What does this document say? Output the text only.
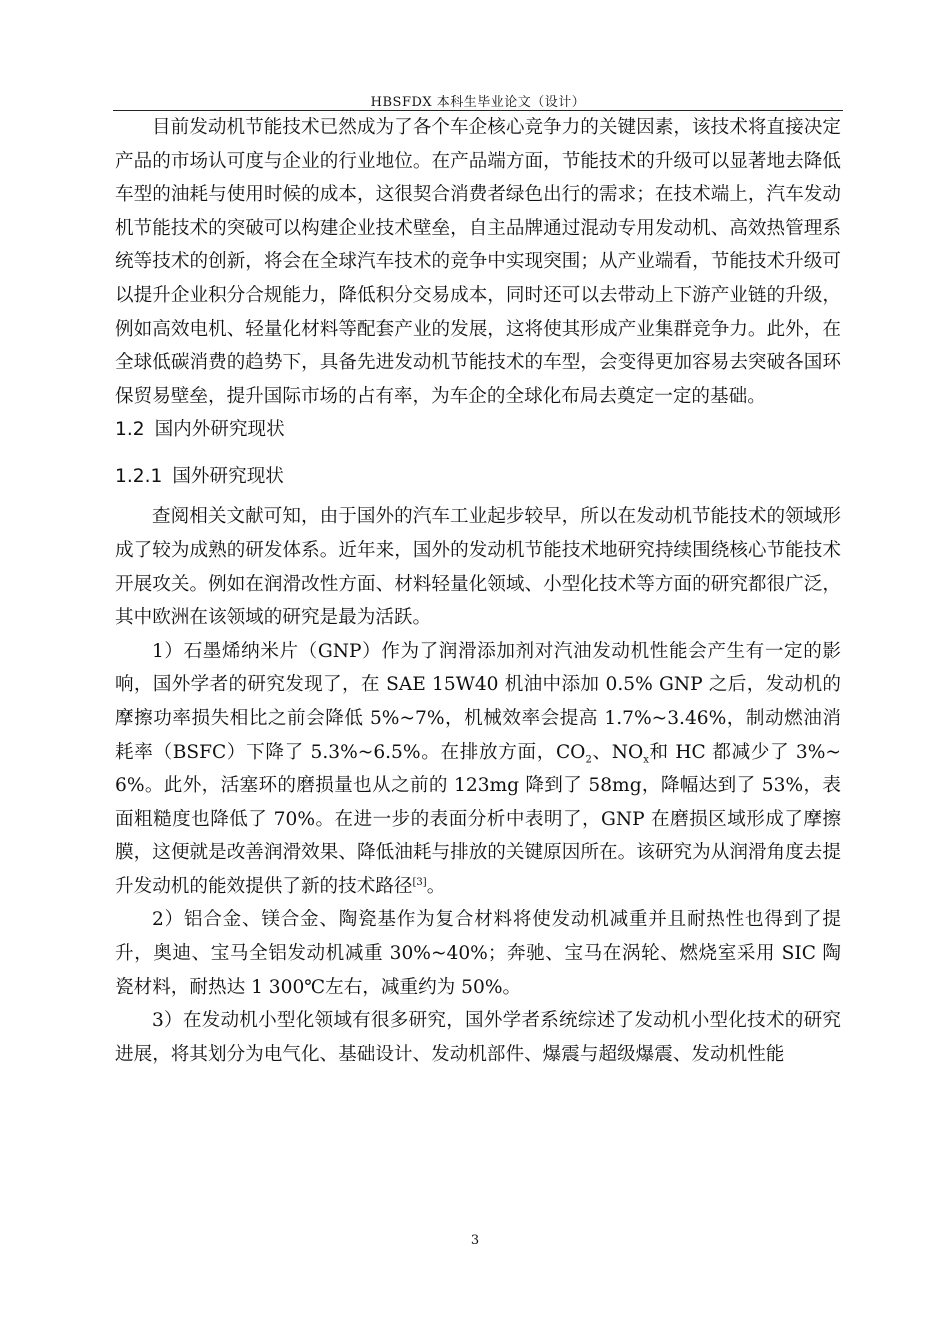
HBSFDX 本科生毕业论文（设计）

目前发动机节能技术已然成为了各个车企核心竞争力的关键因素，该技术将直接决定产品的市场认可度与企业的行业地位。在产品端方面，节能技术的升级可以显著地去降低车型的油耗与使用时候的成本，这很契合消费者绿色出行的需求；在技术端上，汽车发动机节能技术的突破可以构建企业技术壁垒，自主品牌通过混动专用发动机、高效热管理系统等技术的创新，将会在全球汽车技术的竞争中实现突围；从产业端看，节能技术升级可以提升企业积分合规能力，降低积分交易成本，同时还可以去带动上下游产业链的升级，例如高效电机、轻量化材料等配套产业的发展，这将使其形成产业集群竞争力。此外，在全球低碳消费的趋势下，具备先进发动机节能技术的车型，会变得更加容易去突破各国环保贸易壁垒，提升国际市场的占有率，为车企的全球化布局去奠定一定的基础。

1.2 国内外研究现状

1.2.1 国外研究现状

查阅相关文献可知，由于国外的汽车工业起步较早，所以在发动机节能技术的领域形成了较为成熟的研发体系。近年来，国外的发动机节能技术地研究持续围绕核心节能技术开展攻关。例如在润滑改性方面、材料轻量化领域、小型化技术等方面的研究都很广泛，其中欧洲在该领域的研究是最为活跃。

1）石墨烯纳米片（GNP）作为了润滑添加剂对汽油发动机性能会产生有一定的影响，国外学者的研究发现了，在 SAE 15W40 机油中添加 0.5% GNP 之后，发动机的摩擦功率损失相比之前会降低 5%~7%，机械效率会提高 1.7%~3.46%，制动燃油消耗率（BSFC）下降了 5.3%~6.5%。在排放方面，$CO_2$、$NO_x$和 HC 都减少了 3%~6%。此外，活塞环的磨损量也从之前的 123mg 降到了 58mg，降幅达到了 53%，表面粗糙度也降低了 70%。在进一步的表面分析中表明了，GNP 在磨损区域形成了摩擦膜，这便就是改善润滑效果、降低油耗与排放的关键原因所在。该研究为从润滑角度去提升发动机的能效提供了新的技术路径[3]。

2）铝合金、镁合金、陶瓷基作为复合材料将使发动机减重并且耐热性也得到了提升，奥迪、宝马全铝发动机减重 30%~40%；奔驰、宝马在涡轮、燃烧室采用 SIC 陶瓷材料，耐热达 1 300℃左右，减重约为 50%。

3）在发动机小型化领域有很多研究，国外学者系统综述了发动机小型化技术的研究进展，将其划分为电气化、基础设计、发动机部件、爆震与超级爆震、发动机性能

3
